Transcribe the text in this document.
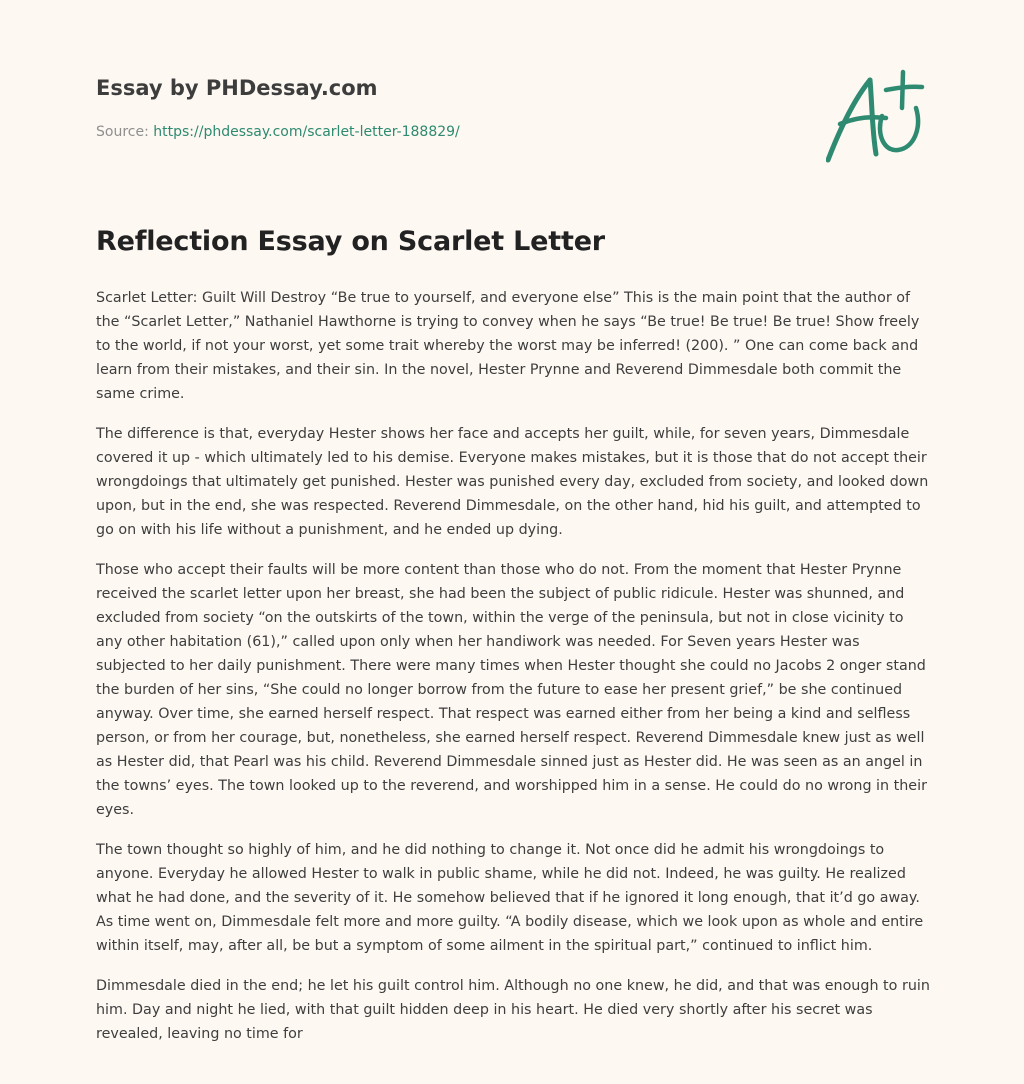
Essay by PHDessay.com
Source: https://phdessay.com/scarlet-letter-188829/
Reflection Essay on Scarlet Letter

Scarlet Letter: Guilt Will Destroy “Be true to yourself, and everyone else” This is the main point that the author of the “Scarlet Letter,” Nathaniel Hawthorne is trying to convey when he says “Be true! Be true! Be true! Show freely to the world, if not your worst, yet some trait whereby the worst may be inferred! (200). ” One can come back and learn from their mistakes, and their sin. In the novel, Hester Prynne and Reverend Dimmesdale both commit the same crime.

The difference is that, everyday Hester shows her face and accepts her guilt, while, for seven years, Dimmesdale covered it up - which ultimately led to his demise. Everyone makes mistakes, but it is those that do not accept their wrongdoings that ultimately get punished. Hester was punished every day, excluded from society, and looked down upon, but in the end, she was respected. Reverend Dimmesdale, on the other hand, hid his guilt, and attempted to go on with his life without a punishment, and he ended up dying.

Those who accept their faults will be more content than those who do not. From the moment that Hester Prynne received the scarlet letter upon her breast, she had been the subject of public ridicule. Hester was shunned, and excluded from society “on the outskirts of the town, within the verge of the peninsula, but not in close vicinity to any other habitation (61),” called upon only when her handiwork was needed. For Seven years Hester was subjected to her daily punishment. There were many times when Hester thought she could no Jacobs 2 onger stand the burden of her sins, “She could no longer borrow from the future to ease her present grief,” be she continued anyway. Over time, she earned herself respect. That respect was earned either from her being a kind and selfless person, or from her courage, but, nonetheless, she earned herself respect. Reverend Dimmesdale knew just as well as Hester did, that Pearl was his child. Reverend Dimmesdale sinned just as Hester did. He was seen as an angel in the towns’ eyes. The town looked up to the reverend, and worshipped him in a sense. He could do no wrong in their eyes.

The town thought so highly of him, and he did nothing to change it. Not once did he admit his wrongdoings to anyone. Everyday he allowed Hester to walk in public shame, while he did not. Indeed, he was guilty. He realized what he had done, and the severity of it. He somehow believed that if he ignored it long enough, that it’d go away. As time went on, Dimmesdale felt more and more guilty. “A bodily disease, which we look upon as whole and entire within itself, may, after all, be but a symptom of some ailment in the spiritual part,” continued to inflict him.

Dimmesdale died in the end; he let his guilt control him. Although no one knew, he did, and that was enough to ruin him. Day and night he lied, with that guilt hidden deep in his heart. He died very shortly after his secret was revealed, leaving no time for
